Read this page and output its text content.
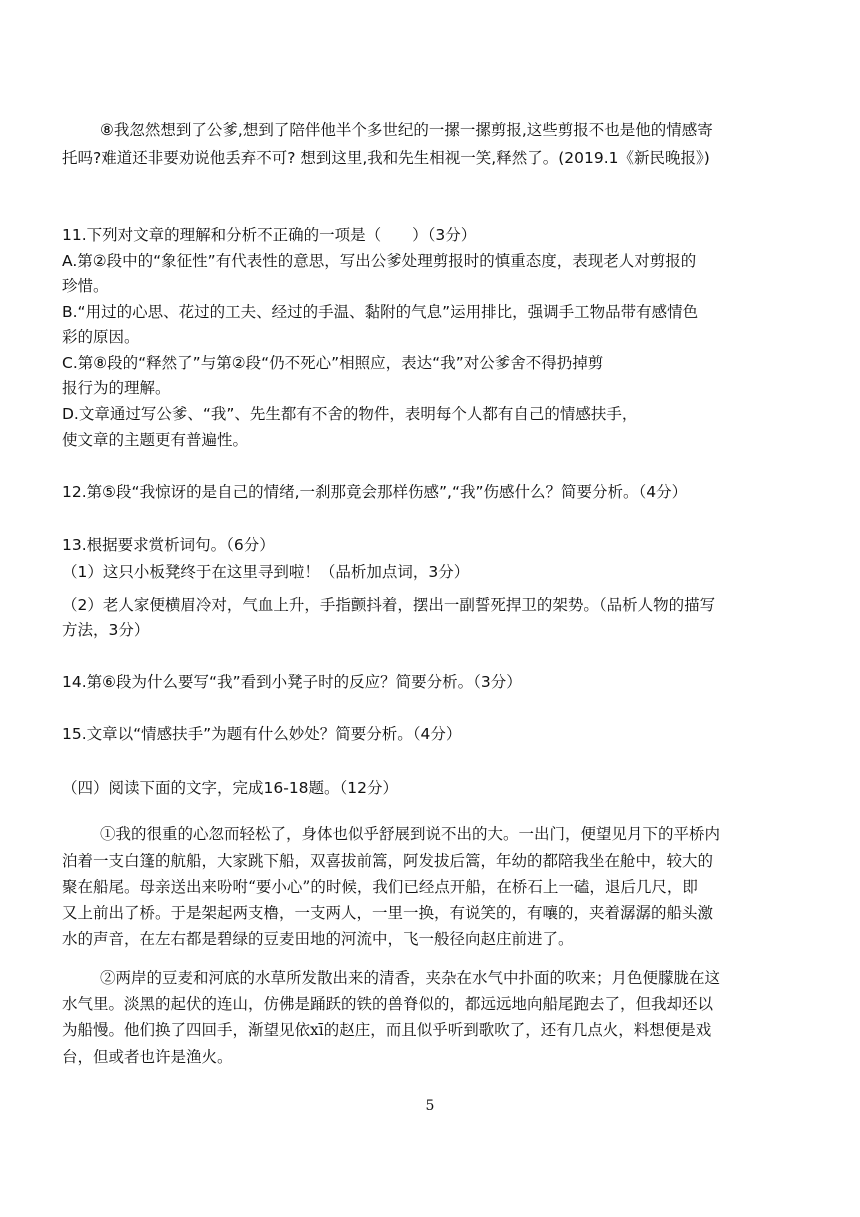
⑧我忽然想到了公爹,想到了陪伴他半个多世纪的一摞一摞剪报,这些剪报不也是他的情感寄
托吗?难道还非要劝说他丢弃不可? 想到这里,我和先生相视一笑,释然了。(2019.1《新民晚报》)
11.下列对文章的理解和分析不正确的一项是（　　）（3分）
A.第②段中的“象征性”有代表性的意思，写出公爹处理剪报时的慎重态度，表现老人对剪报的
珍惜。
B.“用过的心思、花过的工夫、经过的手温、黏附的气息”运用排比，强调手工物品带有感情色
彩的原因。
C.第⑧段的“释然了”与第②段“仍不死心”相照应，表达“我”对公爹舍不得扔掉剪
报行为的理解。
D.文章通过写公爹、“我”、先生都有不舍的物件，表明每个人都有自己的情感扶手，
使文章的主题更有普遍性。
12.第⑤段“我惊讶的是自己的情绪,一刹那竟会那样伤感”,“我”伤感什么？简要分析。（4分）
13.根据要求赏析词句。（6分）
（1）这只小板凳终于在这里寻到啦！（品析加点词，3分）
（2）老人家便横眉冷对，气血上升，手指颤抖着，摆出一副誓死捍卫的架势。（品析人物的描写
方法，3分）
14.第⑥段为什么要写“我”看到小凳子时的反应？简要分析。（3分）
15.文章以“情感扶手”为题有什么妙处？简要分析。（4分）
（四）阅读下面的文字，完成16-18题。（12分）
①我的很重的心忽而轻松了，身体也似乎舒展到说不出的大。一出门，便望见月下的平桥内
泊着一支白篷的航船，大家跳下船，双喜拔前篙，阿发拔后篙，年幼的都陪我坐在舱中，较大的
聚在船尾。母亲送出来吩咐“要小心”的时候，我们已经点开船，在桥石上一磕，退后几尺，即
又上前出了桥。于是架起两支橹，一支两人，一里一换，有说笑的，有嚷的，夹着潺潺的船头激
水的声音，在左右都是碧绿的豆麦田地的河流中，飞一般径向赵庄前进了。
②两岸的豆麦和河底的水草所发散出来的清香，夹杂在水气中扑面的吹来；月色便朦胧在这
水气里。淡黑的起伏的连山，仿佛是踊跃的铁的兽脊似的，都远远地向船尾跑去了，但我却还以
为船慢。他们换了四回手，渐望见依xī的赵庄，而且似乎听到歌吹了，还有几点火，料想便是戏
台，但或者也许是渔火。
5
